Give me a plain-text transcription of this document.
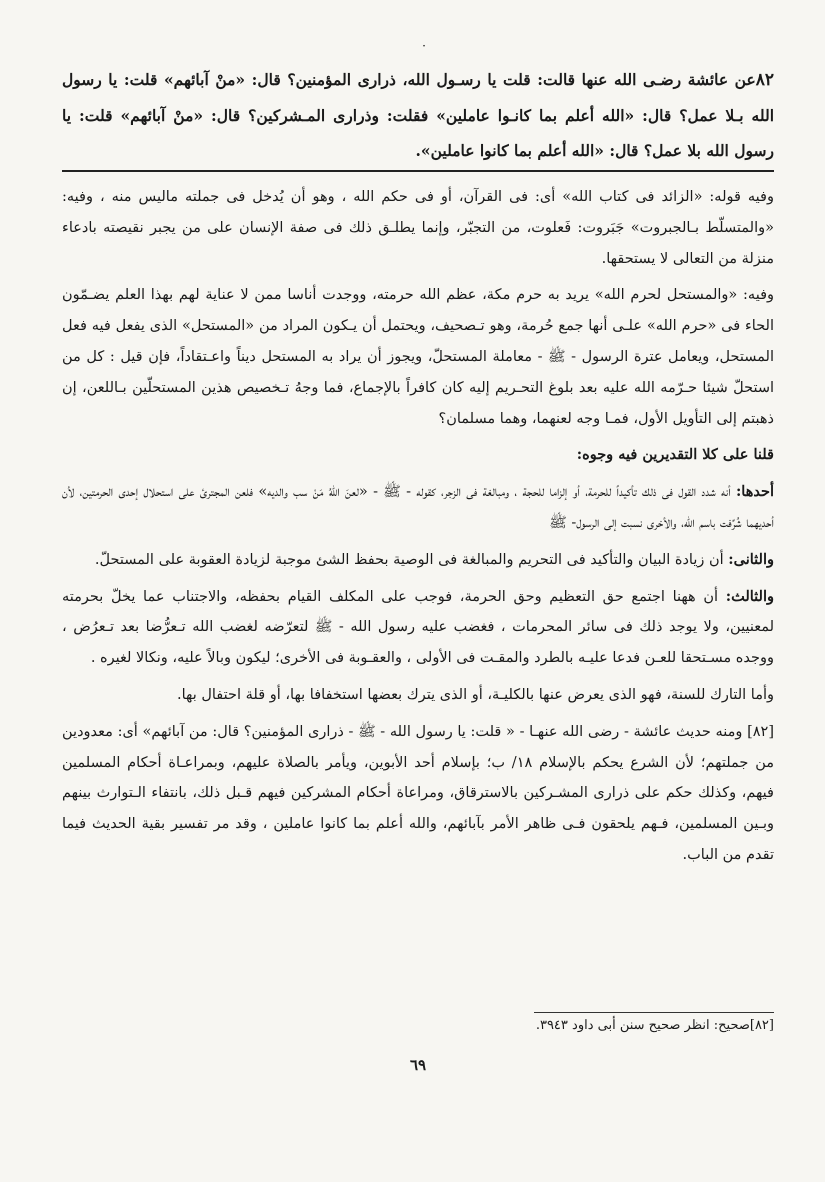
·
٨٢عن عائشة رضـى الله عنها قالت: قلت يا رسـول الله، ذرارى المؤمنين؟ قال: «منْ آبائهم» قلت: يا رسول الله بـلا عمل؟ قال: «الله أعلم بما كانـوا عاملين» فقلت: وذرارى المـشركين؟ قال: «منْ آبائهم» قلت: يا رسول الله بلا عمل؟ قال: «الله أعلم بما كانوا عاملين».

وفيه قوله: «الزائد فى كتاب الله» أى: فى القرآن، أو فى حكم الله ، وهو أن يُدخل فى جملته ماليس منه ، وفيه: «والمتسلّط بـالجبروت» جَبَروت: فَعلوت، من التجبّر، وإنما يطلـق ذلك فى صفة الإنسان على من يجبر نقيصته بادعاء منزلة من التعالى لا يستحقها.

وفيه: «والمستحل لحرم الله» يريد به حرم مكة، عظم الله حرمته، ووجدت أناسا ممن لا عناية لهم بهذا العلم يضـمّون الحاء فى «حرم الله» علـى أنها جمع حُرمة، وهو تـصحيف، ويحتمل أن يـكون المراد من «المستحل» الذى يفعل فيه فعل المستحل، ويعامل عترة الرسول - ﷺ - معاملة المستحلّ، ويجوز أن يراد به المستحل ديناً واعـتقاداً، فإن قيل : كل من استحلّ شيئا حـرّمه الله عليه بعد بلوغ التحـريم إليه كان كافراً بالإجماع، فما وجهُ تـخصيص هذين المستحلّين بـاللعن، إن ذهبتم إلى التأويل الأول، فمـا وجه لعنهما، وهما مسلمان؟

قلنا على كلا التقديرين فيه وجوه:

أحدها: أنه شدد القول فى ذلك تأكيداً للحرمة، أو إلزاما للحجة ، ومبالغة فى الزجر، كقوله - ﷺ - «لعنَ اللهُ مَنْ سب والديه» فلعن المجترئ على استحلال إحدى الحرمتين، لأن أحديهما شُرِّفت باسم الله، والأخرى نسبت إلى الرسول- ﷺ

والثانى: أن زيادة البيان والتأكيد فى التحريم والمبالغة فى الوصية بحفظ الشئ موجبة لزيادة العقوبة على المستحلّ.

والثالث: أن ههنا اجتمع حق التعظيم وحق الحرمة، فوجب على المكلف القيام بحفظه، والاجتناب عما يخلّ بحرمته لمعنيين، ولا يوجد ذلك فى سائر المحرمات ، فغضب عليه رسول الله - ﷺ لتعرّضه لغضب الله تـعرُّضا بعد تـعرُض ، ووجده مسـتحقا للعـن فدعا عليـه بالطرد والمقـت فى الأولى ، والعقـوبة فى الأخرى؛ ليكون وبالاً عليه، ونكالا لغيره .

وأما التارك للسنة، فهو الذى يعرض عنها بالكليـة، أو الذى يترك بعضها استخفافا بها، أو قلة احتفال بها.

[٨٢] ومنه حديث عائشة - رضى الله عنهـا - « قلت: يا رسول الله - ﷺ - ذرارى المؤمنين؟ قال: من آبائهم» أى: معدودين من جملتهم؛ لأن الشرع يحكم بالإسلام ١٨/ ب؛ بإسلام أحد الأبوين، ويأمر بالصلاة عليهم، وبمراعـاة أحكام المسلمين فيهم، وكذلك حكم على ذرارى المشـركين بالاسترقاق، ومراعاة أحكام المشركين فيهم قـبل ذلك، بانتفاء الـتوارث بينهم وبـين المسلمين، فـهم يلحقون فـى ظاهر الأمر بآبائهم، والله أعلم بما كانوا عاملين ، وقد مر تفسير بقية الحديث فيما تقدم من الباب.

[٨٢]صحيح: انظر صحيح سنن أبى داود ٣٩٤٣.
٦٩
